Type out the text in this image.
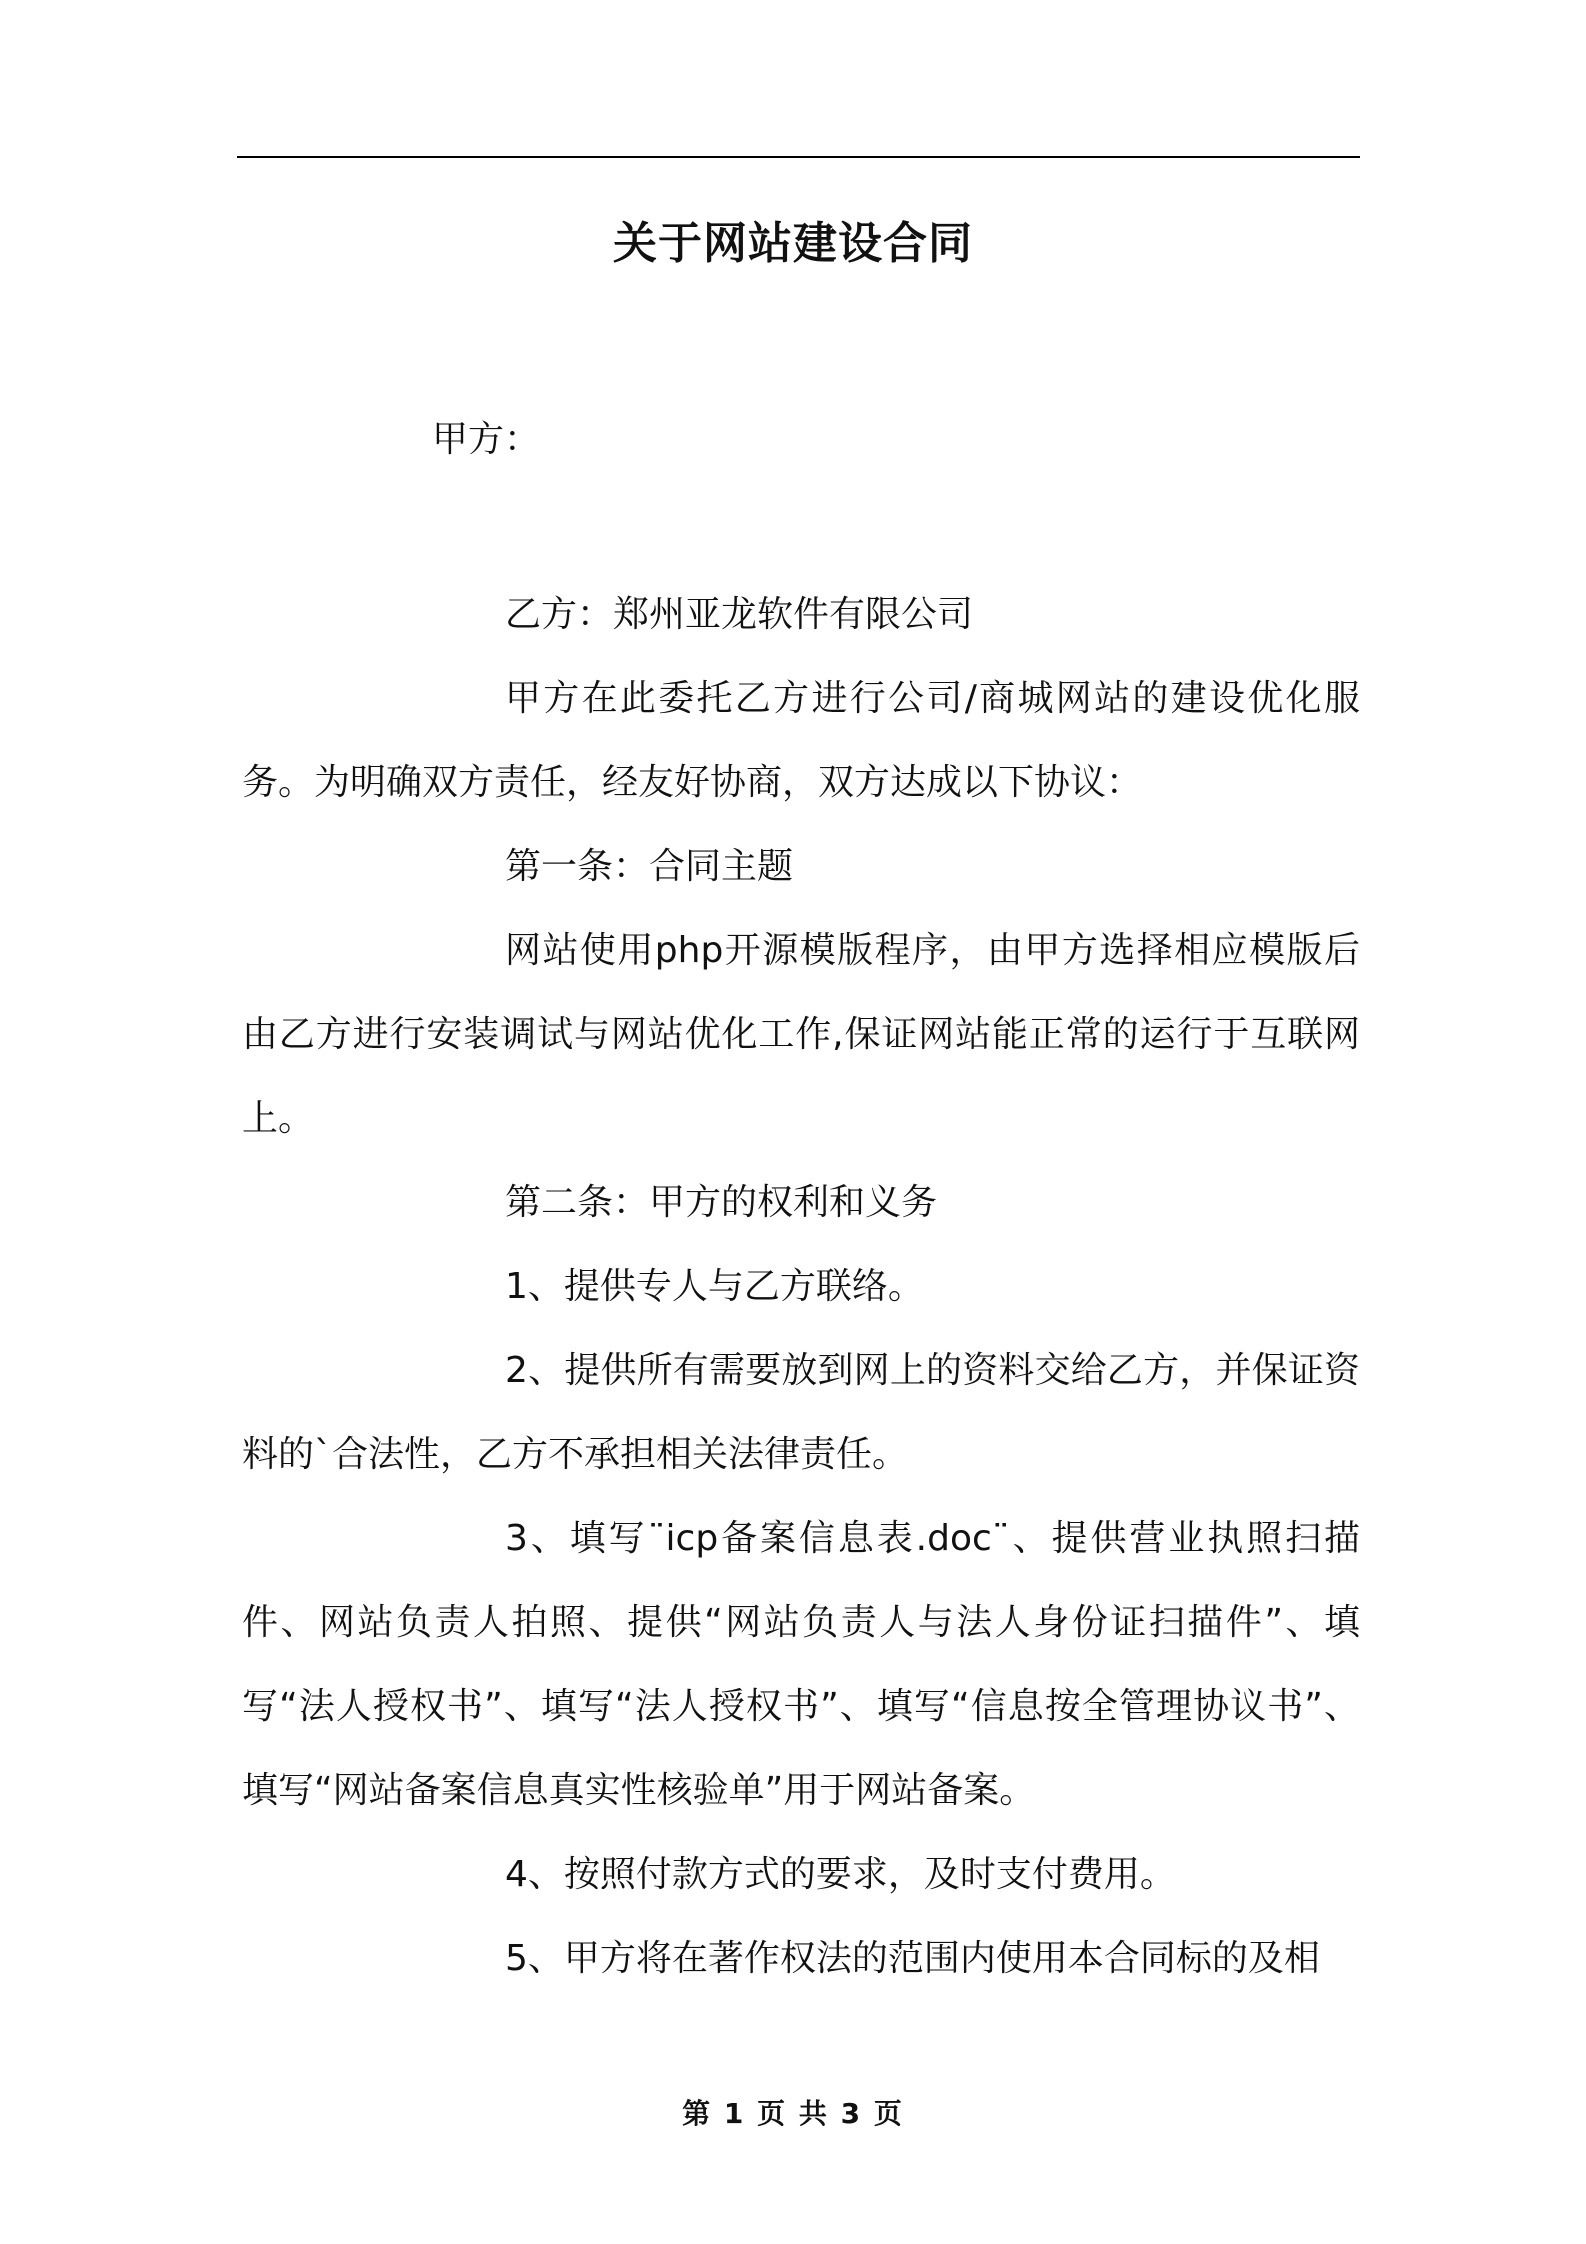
关于网站建设合同
甲方：

乙方：郑州亚龙软件有限公司

甲方在此委托乙方进行公司/商城网站的建设优化服务。为明确双方责任，经友好协商，双方达成以下协议：

第一条：合同主题

网站使用php开源模版程序，由甲方选择相应模版后由乙方进行安装调试与网站优化工作,保证网站能正常的运行于互联网上。

第二条：甲方的权利和义务

1、提供专人与乙方联络。

2、提供所有需要放到网上的资料交给乙方，并保证资料的`合法性，乙方不承担相关法律责任。

3、填写¨icp备案信息表.doc¨、提供营业执照扫描件、网站负责人拍照、提供“网站负责人与法人身份证扫描件”、填写“法人授权书”、填写“法人授权书”、填写“信息按全管理协议书”、填写“网站备案信息真实性核验单”用于网站备案。

4、按照付款方式的要求，及时支付费用。

5、甲方将在著作权法的范围内使用本合同标的及相

第 1 页 共 3 页
